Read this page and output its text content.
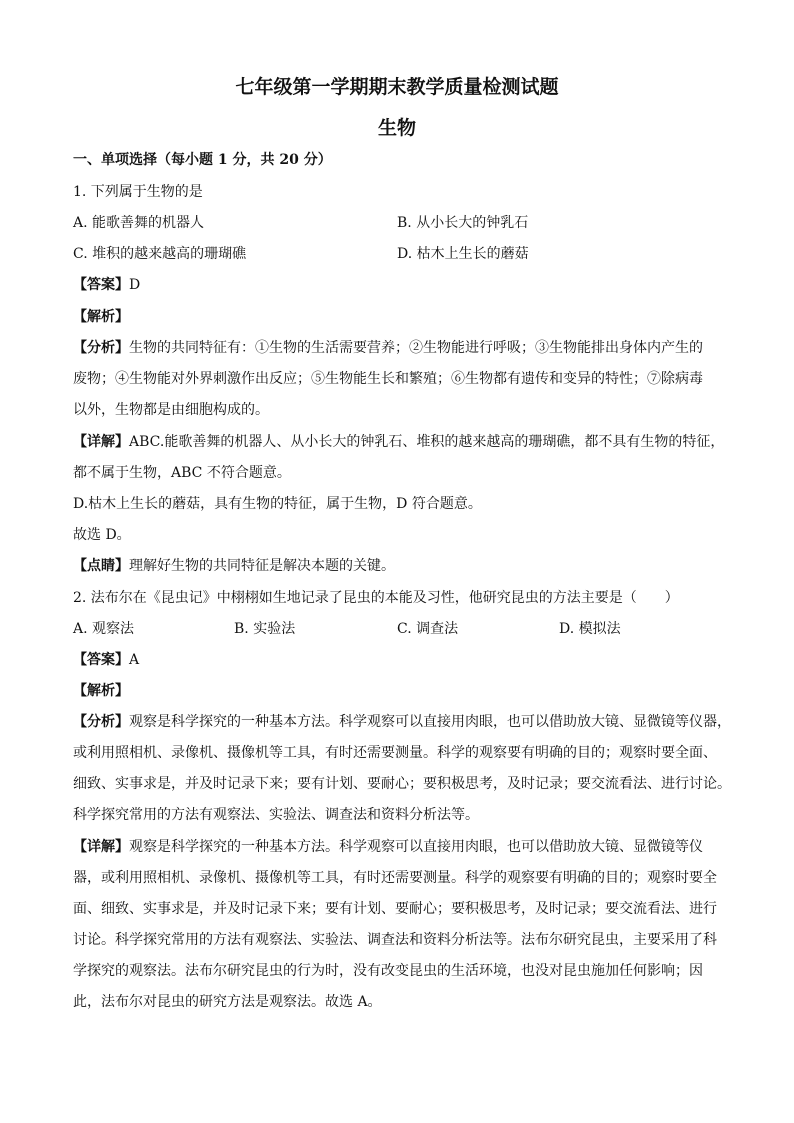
七年级第一学期期末教学质量检测试题
生物
一、单项选择（每小题 1 分，共 20 分）
1. 下列属于生物的是
A. 能歌善舞的机器人	B. 从小长大的钟乳石
C. 堆积的越来越高的珊瑚礁	D. 枯木上生长的蘑菇
【答案】D
【解析】
【分析】生物的共同特征有：①生物的生活需要营养；②生物能进行呼吸；③生物能排出身体内产生的
废物；④生物能对外界刺激作出反应；⑤生物能生长和繁殖；⑥生物都有遗传和变异的特性；⑦除病毒
以外，生物都是由细胞构成的。
【详解】ABC.能歌善舞的机器人、从小长大的钟乳石、堆积的越来越高的珊瑚礁，都不具有生物的特征，
都不属于生物，ABC 不符合题意。
D.枯木上生长的蘑菇，具有生物的特征，属于生物，D 符合题意。
故选 D。
【点睛】理解好生物的共同特征是解决本题的关键。
2. 法布尔在《昆虫记》中栩栩如生地记录了昆虫的本能及习性，他研究昆虫的方法主要是（　　）
A. 观察法	B. 实验法	C. 调查法	D. 模拟法
【答案】A
【解析】
【分析】观察是科学探究的一种基本方法。科学观察可以直接用肉眼，也可以借助放大镜、显微镜等仪器，
或利用照相机、录像机、摄像机等工具，有时还需要测量。科学的观察要有明确的目的；观察时要全面、
细致、实事求是，并及时记录下来；要有计划、要耐心；要积极思考，及时记录；要交流看法、进行讨论。
科学探究常用的方法有观察法、实验法、调查法和资料分析法等。
【详解】观察是科学探究的一种基本方法。科学观察可以直接用肉眼，也可以借助放大镜、显微镜等仪
器，或利用照相机、录像机、摄像机等工具，有时还需要测量。科学的观察要有明确的目的；观察时要全
面、细致、实事求是，并及时记录下来；要有计划、要耐心；要积极思考，及时记录；要交流看法、进行
讨论。科学探究常用的方法有观察法、实验法、调查法和资料分析法等。法布尔研究昆虫，主要采用了科
学探究的观察法。法布尔研究昆虫的行为时，没有改变昆虫的生活环境，也没对昆虫施加任何影响；因
此，法布尔对昆虫的研究方法是观察法。故选 A。
